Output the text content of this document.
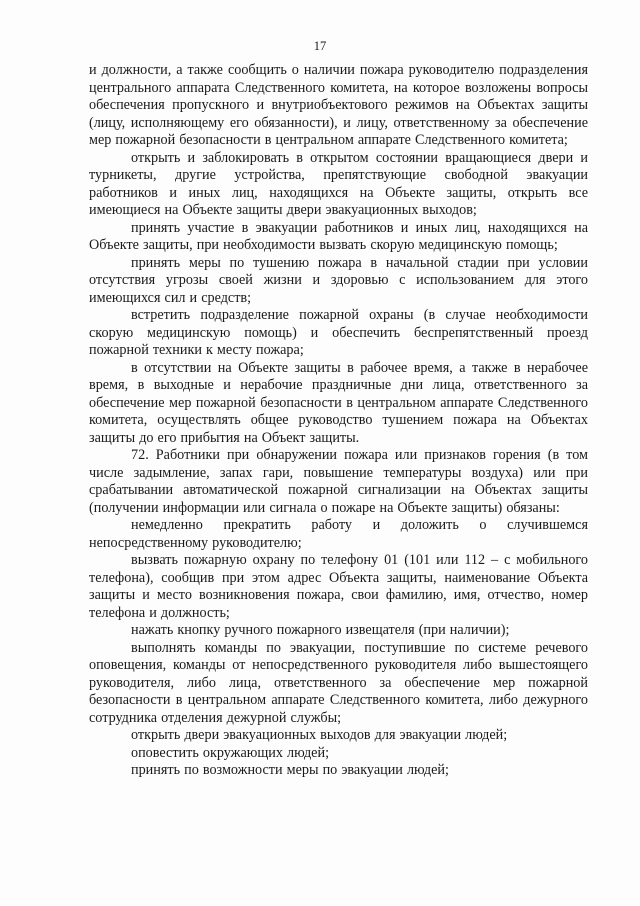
17

и должности, а также сообщить о наличии пожара руководителю подразделения центрального аппарата Следственного комитета, на которое возложены вопросы обеспечения пропускного и внутриобъектового режимов на Объектах защиты (лицу, исполняющему его обязанности), и лицу, ответственному за обеспечение мер пожарной безопасности в центральном аппарате Следственного комитета;

открыть и заблокировать в открытом состоянии вращающиеся двери и турникеты, другие устройства, препятствующие свободной эвакуации работников и иных лиц, находящихся на Объекте защиты, открыть все имеющиеся на Объекте защиты двери эвакуационных выходов;

принять участие в эвакуации работников и иных лиц, находящихся на Объекте защиты, при необходимости вызвать скорую медицинскую помощь;

принять меры по тушению пожара в начальной стадии при условии отсутствия угрозы своей жизни и здоровью с использованием для этого имеющихся сил и средств;

встретить подразделение пожарной охраны (в случае необходимости скорую медицинскую помощь) и обеспечить беспрепятственный проезд пожарной техники к месту пожара;

в отсутствии на Объекте защиты в рабочее время, а также в нерабочее время, в выходные и нерабочие праздничные дни лица, ответственного за обеспечение мер пожарной безопасности в центральном аппарате Следственного комитета, осуществлять общее руководство тушением пожара на Объектах защиты до его прибытия на Объект защиты.

72. Работники при обнаружении пожара или признаков горения (в том числе задымление, запах гари, повышение температуры воздуха) или при срабатывании автоматической пожарной сигнализации на Объектах защиты (получении информации или сигнала о пожаре на Объекте защиты) обязаны:

немедленно прекратить работу и доложить о случившемся непосредственному руководителю;

вызвать пожарную охрану по телефону 01 (101 или 112 – с мобильного телефона), сообщив при этом адрес Объекта защиты, наименование Объекта защиты и место возникновения пожара, свои фамилию, имя, отчество, номер телефона и должность;

нажать кнопку ручного пожарного извещателя (при наличии);

выполнять команды по эвакуации, поступившие по системе речевого оповещения, команды от непосредственного руководителя либо вышестоящего руководителя, либо лица, ответственного за обеспечение мер пожарной безопасности в центральном аппарате Следственного комитета, либо дежурного сотрудника отделения дежурной службы;

открыть двери эвакуационных выходов для эвакуации людей;

оповестить окружающих людей;

принять по возможности меры по эвакуации людей;
